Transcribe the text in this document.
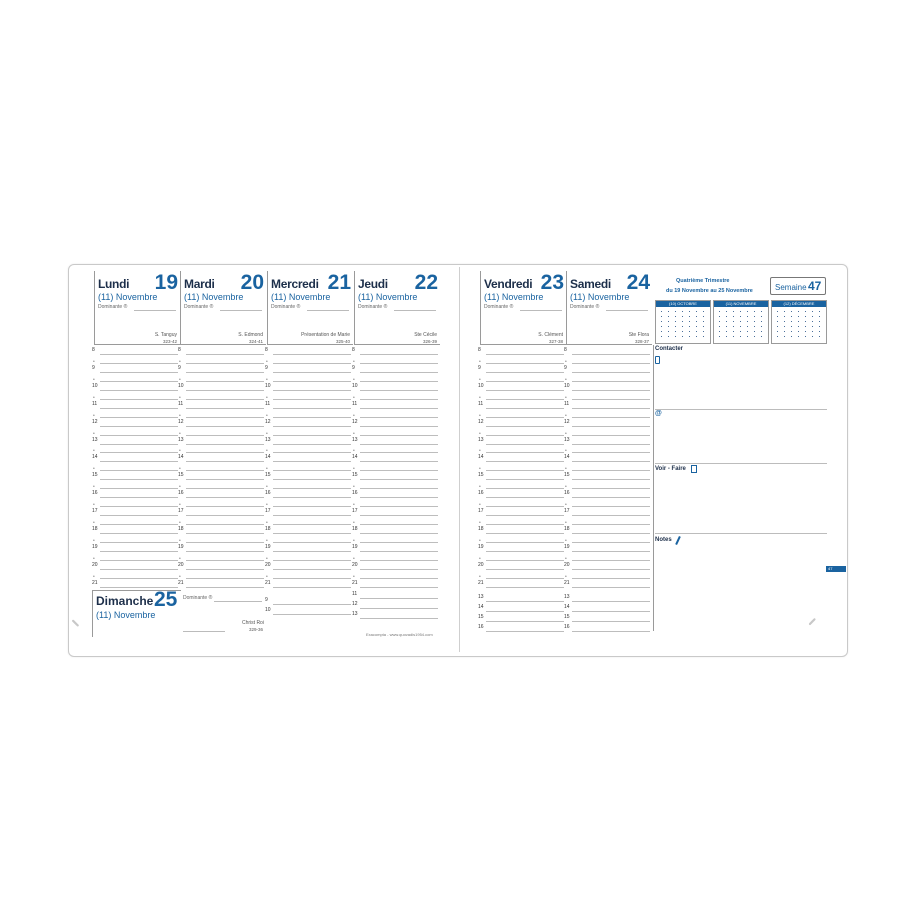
Lundi 19
(11) Novembre
Dominante ®
S. Tanguy
323-42
Mardi 20
(11) Novembre
Dominante ®
S. Edmond
324-41
Mercredi 21
(11) Novembre
Dominante ®
Présentation de Marie
325-40
Jeudi 22
(11) Novembre
Dominante ®
Ste Cécile
326-39
Vendredi 23
(11) Novembre
Dominante ®
S. Clément
327-38
Samedi 24
(11) Novembre
Dominante ®
Ste Flora
328-37
8
•
9
•
10
•
11
•
12
•
13
•
14
•
15
•
16
•
17
•
18
•
19
•
20
•
21
8
•
9
•
10
•
11
•
12
•
13
•
14
•
15
•
16
•
17
•
18
•
19
•
20
•
21
8
•
9
•
10
•
11
•
12
•
13
•
14
•
15
•
16
•
17
•
18
•
19
•
20
•
21
8
•
9
•
10
•
11
•
12
•
13
•
14
•
15
•
16
•
17
•
18
•
19
•
20
•
21
8
•
9
•
10
•
11
•
12
•
13
•
14
•
15
•
16
•
17
•
18
•
19
•
20
•
21
8
•
9
•
10
•
11
•
12
•
13
•
14
•
15
•
16
•
17
•
18
•
19
•
20
•
21
Dimanche 25
(11) Novembre
Dominante ®
Christ Roi
329-36
9
10
11
12
13
13	13
14	14
15	15
16	16
Exacompta - www.quovadis1954.com
Quatrième Trimestre
du 19 Novembre au 25 Novembre	Semaine 47
(10) OCTOBRE	(11) NOVEMBRE	(12) DÉCEMBRE
Contacter
@
Voir - Faire
Notes
47
•••••••••	•••••••••
